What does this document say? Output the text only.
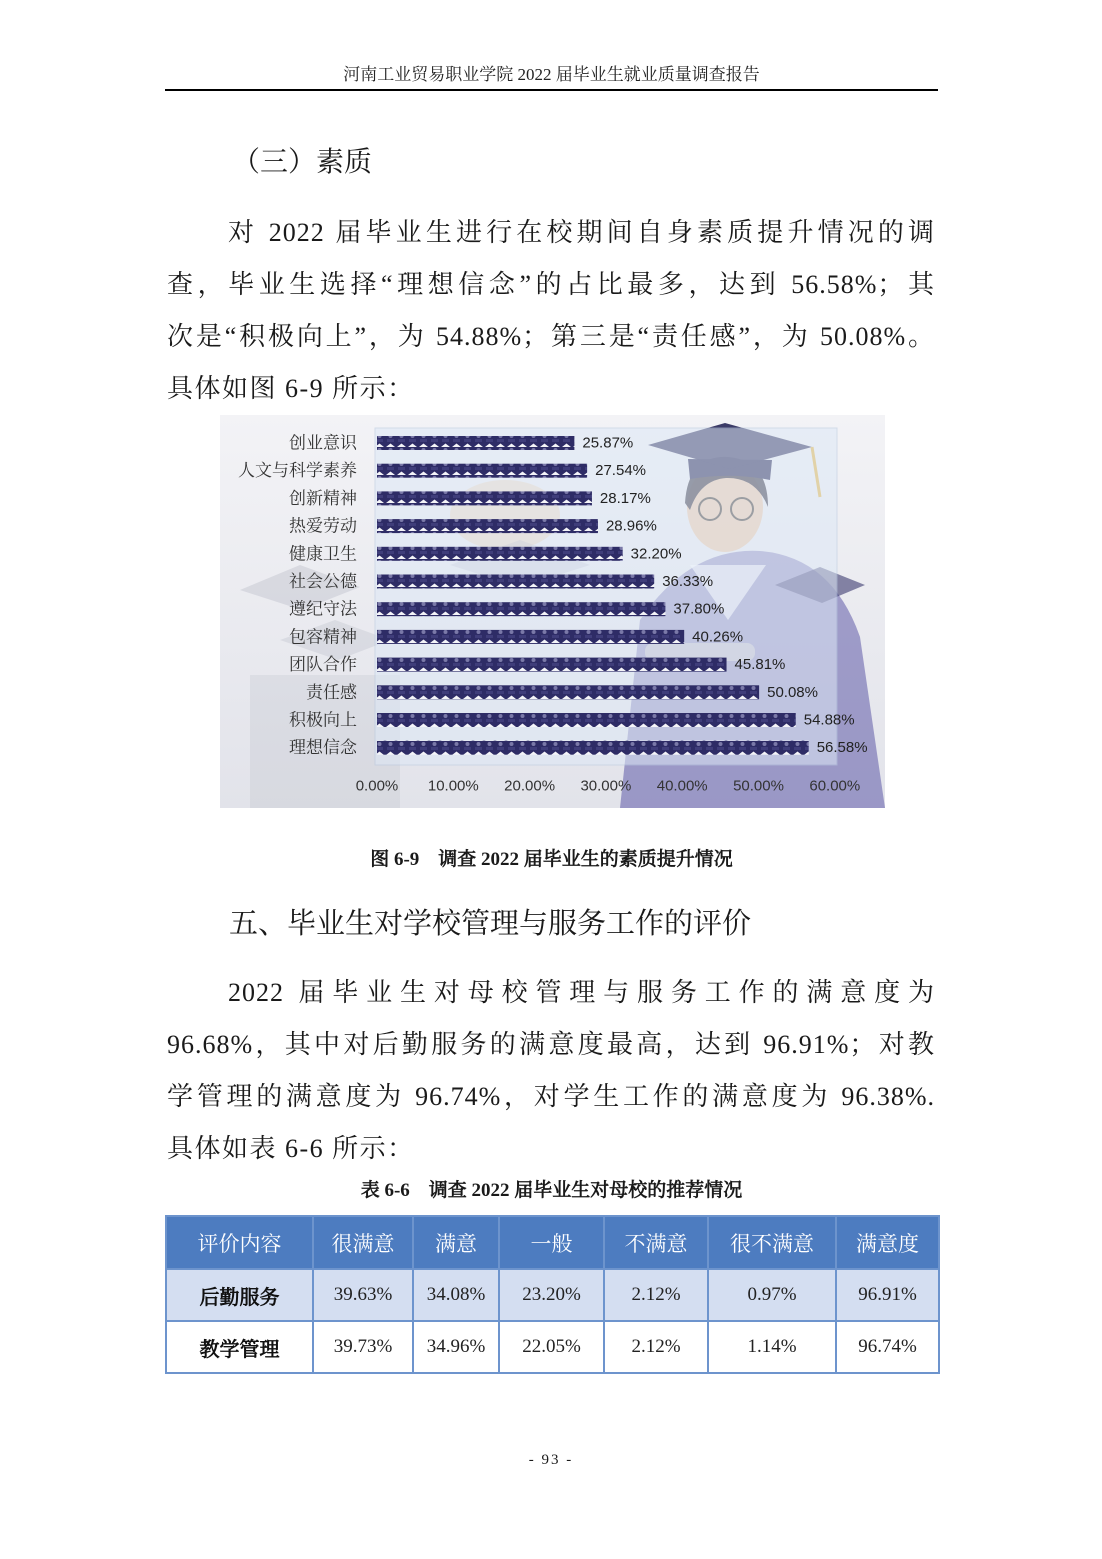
河南工业贸易职业学院 2022 届毕业生就业质量调查报告
（三）素质
对 2022 届毕业生进行在校期间自身素质提升情况的调
查，毕业生选择“理想信念”的占比最多，达到 56.58%；其
次是“积极向上”，为 54.88%；第三是“责任感”，为 50.08%。
具体如图 6-9 所示：
创业意识
人文与科学素养
创新精神
热爱劳动
健康卫生
社会公德
遵纪守法
包容精神
团队合作
责任感
积极向上
理想信念
25.87%
27.54%
28.17%
28.96%
32.20%
36.33%
37.80%
40.26%
45.81%
50.08%
54.88%
56.58%
0.00% 10.00% 20.00% 30.00% 40.00% 50.00% 60.00%
图 6-9　调查 2022 届毕业生的素质提升情况
五、毕业生对学校管理与服务工作的评价
2022 届毕业生对母校管理与服务工作的满意度为
96.68%，其中对后勤服务的满意度最高，达到 96.91%；对教
学管理的满意度为 96.74%，对学生工作的满意度为 96.38%.
具体如表 6-6 所示：
表 6-6　调查 2022 届毕业生对母校的推荐情况
评价内容	很满意	满意	一般	不满意	很不满意	满意度
后勤服务	39.63%	34.08%	23.20%	2.12%	0.97%	96.91%
教学管理	39.73%	34.96%	22.05%	2.12%	1.14%	96.74%
- 93 -
